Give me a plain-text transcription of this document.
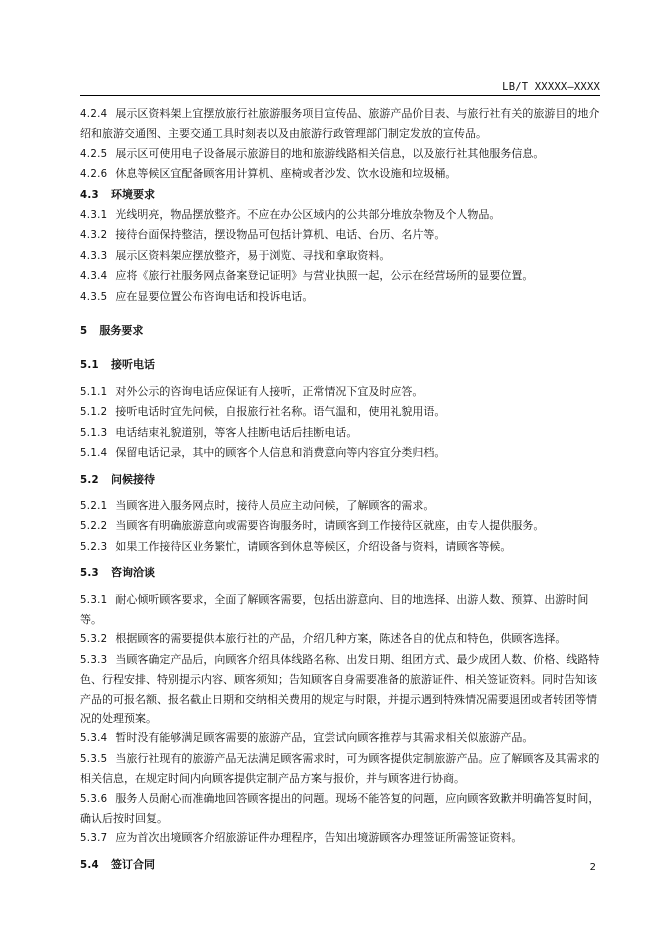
LB/T XXXXX—XXXX

4.2.4 展示区资料架上宜摆放旅行社旅游服务项目宣传品、旅游产品价目表、与旅行社有关的旅游目的地介绍和旅游交通图、主要交通工具时刻表以及由旅游行政管理部门制定发放的宣传品。

4.2.5 展示区可使用电子设备展示旅游目的地和旅游线路相关信息，以及旅行社其他服务信息。

4.2.6 休息等候区宜配备顾客用计算机、座椅或者沙发、饮水设施和垃圾桶。

4.3 环境要求

4.3.1 光线明亮，物品摆放整齐。不应在办公区域内的公共部分堆放杂物及个人物品。

4.3.2 接待台面保持整洁，摆设物品可包括计算机、电话、台历、名片等。

4.3.3 展示区资料架应摆放整齐，易于浏览、寻找和拿取资料。

4.3.4 应将《旅行社服务网点备案登记证明》与营业执照一起，公示在经营场所的显要位置。

4.3.5 应在显要位置公布咨询电话和投诉电话。

5 服务要求

5.1 接听电话

5.1.1 对外公示的咨询电话应保证有人接听，正常情况下宜及时应答。

5.1.2 接听电话时宜先问候，自报旅行社名称。语气温和，使用礼貌用语。

5.1.3 电话结束礼貌道别，等客人挂断电话后挂断电话。

5.1.4 保留电话记录，其中的顾客个人信息和消费意向等内容宜分类归档。

5.2 问候接待

5.2.1 当顾客进入服务网点时，接待人员应主动问候，了解顾客的需求。

5.2.2 当顾客有明确旅游意向或需要咨询服务时，请顾客到工作接待区就座，由专人提供服务。

5.2.3 如果工作接待区业务繁忙，请顾客到休息等候区，介绍设备与资料，请顾客等候。

5.3 咨询洽谈

5.3.1 耐心倾听顾客要求，全面了解顾客需要，包括出游意向、目的地选择、出游人数、预算、出游时间等。

5.3.2 根据顾客的需要提供本旅行社的产品，介绍几种方案，陈述各自的优点和特色，供顾客选择。

5.3.3 当顾客确定产品后，向顾客介绍具体线路名称、出发日期、组团方式、最少成团人数、价格、线路特色、行程安排、特别提示内容、顾客须知；告知顾客自身需要准备的旅游证件、相关签证资料。同时告知该产品的可报名额、报名截止日期和交纳相关费用的规定与时限，并提示遇到特殊情况需要退团或者转团等情况的处理预案。

5.3.4 暂时没有能够满足顾客需要的旅游产品，宜尝试向顾客推荐与其需求相关似旅游产品。

5.3.5 当旅行社现有的旅游产品无法满足顾客需求时，可为顾客提供定制旅游产品。应了解顾客及其需求的相关信息，在规定时间内向顾客提供定制产品方案与报价，并与顾客进行协商。

5.3.6 服务人员耐心而准确地回答顾客提出的问题。现场不能答复的问题，应向顾客致歉并明确答复时间，确认后按时回复。

5.3.7 应为首次出境顾客介绍旅游证件办理程序，告知出境游顾客办理签证所需签证资料。

5.4 签订合同	2
